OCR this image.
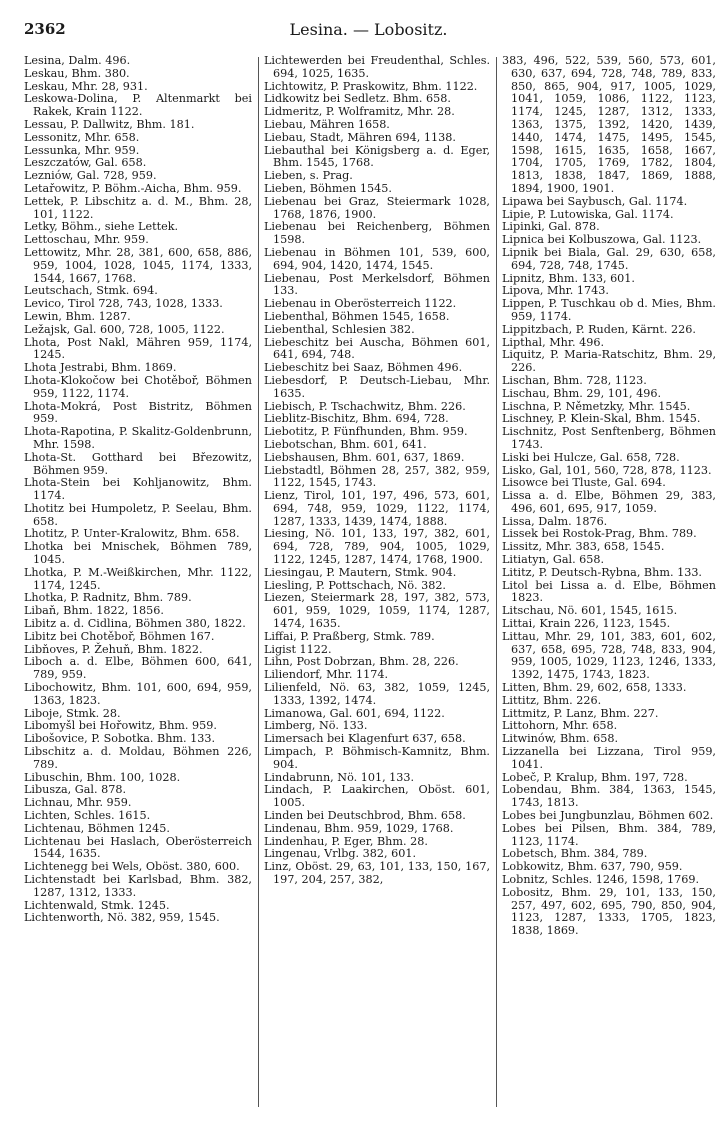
2362	Lesina. — Lobositz.

Lesina, Dalm. 496.

Leskau, Bhm. 380.

Leskau, Mhr. 28, 931.

Leskowa-Dolina, P. Altenmarkt bei Rakek, Krain 1122.

Lessau, P. Dallwitz, Bhm. 181.

Lessonitz, Mhr. 658.

Lessunka, Mhr. 959.

Leszczatów, Gal. 658.

Lezniów, Gal. 728, 959.

Letařowitz, P. Böhm.-Aicha, Bhm. 959.

Lettek, P. Libschitz a. d. M., Bhm. 28, 101, 1122.

Letky, Böhm., siehe Lettek.

Lettoschau, Mhr. 959.

Lettowitz, Mhr. 28, 381, 600, 658, 886, 959, 1004, 1028, 1045, 1174, 1333, 1544, 1667, 1768.

Leutschach, Stmk. 694.

Levico, Tirol 728, 743, 1028, 1333.

Lewin, Bhm. 1287.

Ležajsk, Gal. 600, 728, 1005, 1122.

Lhota, Post Nakl, Mähren 959, 1174, 1245.

Lhota Jestrabi, Bhm. 1869.

Lhota-Klokočow bei Chotěboř, Böhmen 959, 1122, 1174.

Lhota-Mokrá, Post Bistritz, Böhmen 959.

Lhota-Rapotina, P. Skalitz-Goldenbrunn, Mhr. 1598.

Lhota-St. Gotthard bei Březowitz, Böhmen 959.

Lhota-Stein bei Kohljanowitz, Bhm. 1174.

Lhotitz bei Humpoletz, P. Seelau, Bhm. 658.

Lhotitz, P. Unter-Kralowitz, Bhm. 658.

Lhotka bei Mnischek, Böhmen 789, 1045.

Lhotka, P. M.-Weißkirchen, Mhr. 1122, 1174, 1245.

Lhotka, P. Radnitz, Bhm. 789.

Libaň, Bhm. 1822, 1856.

Libitz a. d. Cidlina, Böhmen 380, 1822.

Libitz bei Chotěboř, Böhmen 167.

Libňoves, P. Žehuň, Bhm. 1822.

Liboch a. d. Elbe, Böhmen 600, 641, 789, 959.

Libochowitz, Bhm. 101, 600, 694, 959, 1363, 1823.

Liboje, Stmk. 28.

Libomyšl bei Hořowitz, Bhm. 959.

Libošovice, P. Sobotka. Bhm. 133.

Libschitz a. d. Moldau, Böhmen 226, 789.

Libuschin, Bhm. 100, 1028.

Libusza, Gal. 878.

Lichnau, Mhr. 959.

Lichten, Schles. 1615.

Lichtenau, Böhmen 1245.

Lichtenau bei Haslach, Oberösterreich 1544, 1635.

Lichtenegg bei Wels, Oböst. 380, 600.

Lichtenstadt bei Karlsbad, Bhm. 382, 1287, 1312, 1333.

Lichtenwald, Stmk. 1245.

Lichtenworth, Nö. 382, 959, 1545.

Lichtewerden bei Freudenthal, Schles. 694, 1025, 1635.

Lichtowitz, P. Praskowitz, Bhm. 1122.

Lidkowitz bei Sedletz. Bhm. 658.

Lidmeritz, P. Wolframitz, Mhr. 28.

Liebau, Mähren 1658.

Liebau, Stadt, Mähren 694, 1138.

Liebauthal bei Königsberg a. d. Eger, Bhm. 1545, 1768.

Lieben, s. Prag.

Lieben, Böhmen 1545.

Liebenau bei Graz, Steiermark 1028, 1768, 1876, 1900.

Liebenau bei Reichenberg, Böhmen 1598.

Liebenau in Böhmen 101, 539, 600, 694, 904, 1420, 1474, 1545.

Liebenau, Post Merkelsdorf, Böhmen 133.

Liebenau in Oberösterreich 1122.

Liebenthal, Böhmen 1545, 1658.

Liebenthal, Schlesien 382.

Liebeschitz bei Auscha, Böhmen 601, 641, 694, 748.

Liebeschitz bei Saaz, Böhmen 496.

Liebesdorf, P. Deutsch-Liebau, Mhr. 1635.

Liebisch, P. Tschachwitz, Bhm. 226.

Lieblitz-Bischitz, Bhm. 694, 728.

Liebotitz, P. Fünfhunden, Bhm. 959.

Liebotschan, Bhm. 601, 641.

Liebshausen, Bhm. 601, 637, 1869.

Liebstadtl, Böhmen 28, 257, 382, 959, 1122, 1545, 1743.

Lienz, Tirol, 101, 197, 496, 573, 601, 694, 748, 959, 1029, 1122, 1174, 1287, 1333, 1439, 1474, 1888.

Liesing, Nö. 101, 133, 197, 382, 601, 694, 728, 789, 904, 1005, 1029, 1122, 1245, 1287, 1474, 1768, 1900.

Liesingau, P. Mautern, Stmk. 904.

Liesling, P. Pottschach, Nö. 382.

Liezen, Steiermark 28, 197, 382, 573, 601, 959, 1029, 1059, 1174, 1287, 1474, 1635.

Liffai, P. Praßberg, Stmk. 789.

Ligist 1122.

Lihn, Post Dobrzan, Bhm. 28, 226.

Liliendorf, Mhr. 1174.

Lilienfeld, Nö. 63, 382, 1059, 1245, 1333, 1392, 1474.

Limanowa, Gal. 601, 694, 1122.

Limberg, Nö. 133.

Limersach bei Klagenfurt 637, 658.

Limpach, P. Böhmisch-Kamnitz, Bhm. 904.

Lindabrunn, Nö. 101, 133.

Lindach, P. Laakirchen, Oböst. 601, 1005.

Linden bei Deutschbrod, Bhm. 658.

Lindenau, Bhm. 959, 1029, 1768.

Lindenhau, P. Eger, Bhm. 28.

Lingenau, Vrlbg. 382, 601.

Linz, Oböst. 29, 63, 101, 133, 150, 167, 197, 204, 257, 382,

383, 496, 522, 539, 560, 573, 601, 630, 637, 694, 728, 748, 789, 833, 850, 865, 904, 917, 1005, 1029, 1041, 1059, 1086, 1122, 1123, 1174, 1245, 1287, 1312, 1333, 1363, 1375, 1392, 1420, 1439, 1440, 1474, 1475, 1495, 1545, 1598, 1615, 1635, 1658, 1667, 1704, 1705, 1769, 1782, 1804, 1813, 1838, 1847, 1869, 1888, 1894, 1900, 1901.

Lipawa bei Saybusch, Gal. 1174.

Lipie, P. Lutowiska, Gal. 1174.

Lipinki, Gal. 878.

Lipnica bei Kolbuszowa, Gal. 1123.

Lipnik bei Biala, Gal. 29, 630, 658, 694, 728, 748, 1745.

Lipnitz, Bhm. 133, 601.

Lipova, Mhr. 1743.

Lippen, P. Tuschkau ob d. Mies, Bhm. 959, 1174.

Lippitzbach, P. Ruden, Kärnt. 226.

Lipthal, Mhr. 496.

Liquitz, P. Maria-Ratschitz, Bhm. 29, 226.

Lischan, Bhm. 728, 1123.

Lischau, Bhm. 29, 101, 496.

Lischna, P. Němetzky, Mhr. 1545.

Lischney, P. Klein-Skal, Bhm. 1545.

Lischnitz, Post Senftenberg, Böhmen 1743.

Liski bei Hulcze, Gal. 658, 728.

Lisko, Gal, 101, 560, 728, 878, 1123.

Lisowce bei Tluste, Gal. 694.

Lissa a. d. Elbe, Böhmen 29, 383, 496, 601, 695, 917, 1059.

Lissa, Dalm. 1876.

Lissek bei Rostok-Prag, Bhm. 789.

Lissitz, Mhr. 383, 658, 1545.

Litiatyn, Gal. 658.

Lititz, P. Deutsch-Rybna, Bhm. 133.

Litol bei Lissa a. d. Elbe, Böhmen 1823.

Litschau, Nö. 601, 1545, 1615.

Littai, Krain 226, 1123, 1545.

Littau, Mhr. 29, 101, 383, 601, 602, 637, 658, 695, 728, 748, 833, 904, 959, 1005, 1029, 1123, 1246, 1333, 1392, 1475, 1743, 1823.

Litten, Bhm. 29, 602, 658, 1333.

Littitz, Bhm. 226.

Littmitz, P. Lanz, Bhm. 227.

Littohorn, Mhr. 658.

Litwinów, Bhm. 658.

Lizzanella bei Lizzana, Tirol 959, 1041.

Lobeč, P. Kralup, Bhm. 197, 728.

Lobendau, Bhm. 384, 1363, 1545, 1743, 1813.

Lobes bei Jungbunzlau, Böhmen 602.

Lobes bei Pilsen, Bhm. 384, 789, 1123, 1174.

Lobetsch, Bhm. 384, 789.

Lobkowitz, Bhm. 637, 790, 959.

Lobnitz, Schles. 1246, 1598, 1769.

Lobositz, Bhm. 29, 101, 133, 150, 257, 497, 602, 695, 790, 850, 904, 1123, 1287, 1333, 1705, 1823, 1838, 1869.
